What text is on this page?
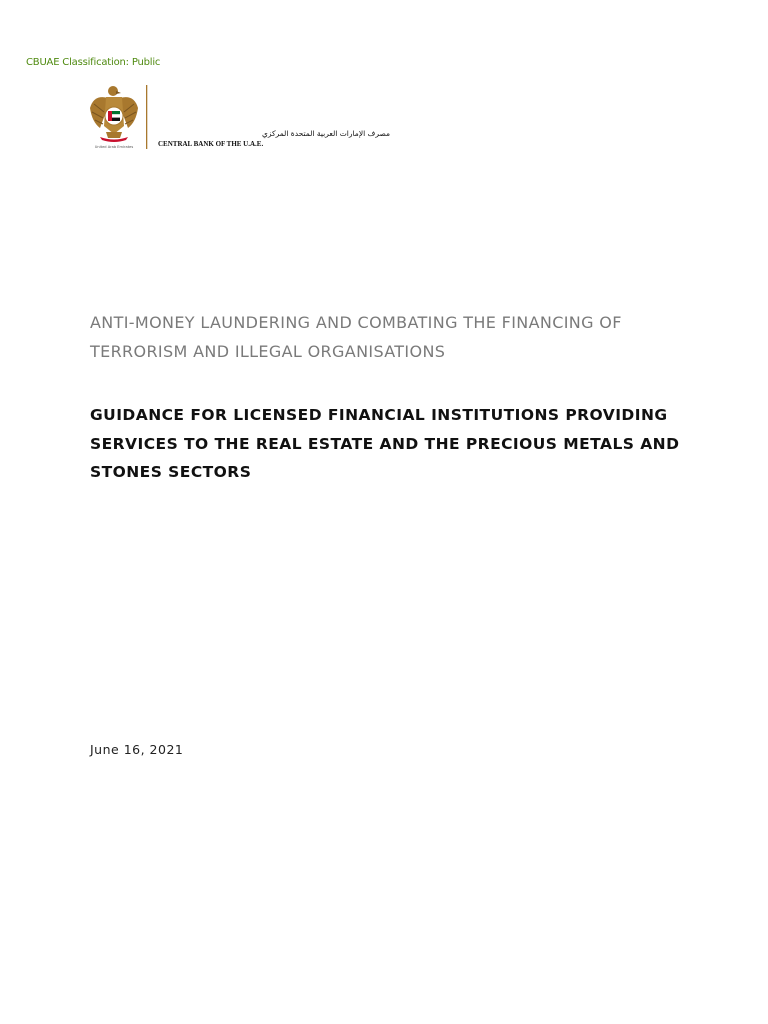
CBUAE Classification: Public
United Arab Emirates
مصرف الإمارات العربية المتحدة المركزي
CENTRAL BANK OF THE U.A.E.
ANTI-MONEY LAUNDERING AND COMBATING THE FINANCING OF TERRORISM AND ILLEGAL ORGANISATIONS
GUIDANCE FOR LICENSED FINANCIAL INSTITUTIONS PROVIDING SERVICES TO THE REAL ESTATE AND THE PRECIOUS METALS AND STONES SECTORS
June 16, 2021
